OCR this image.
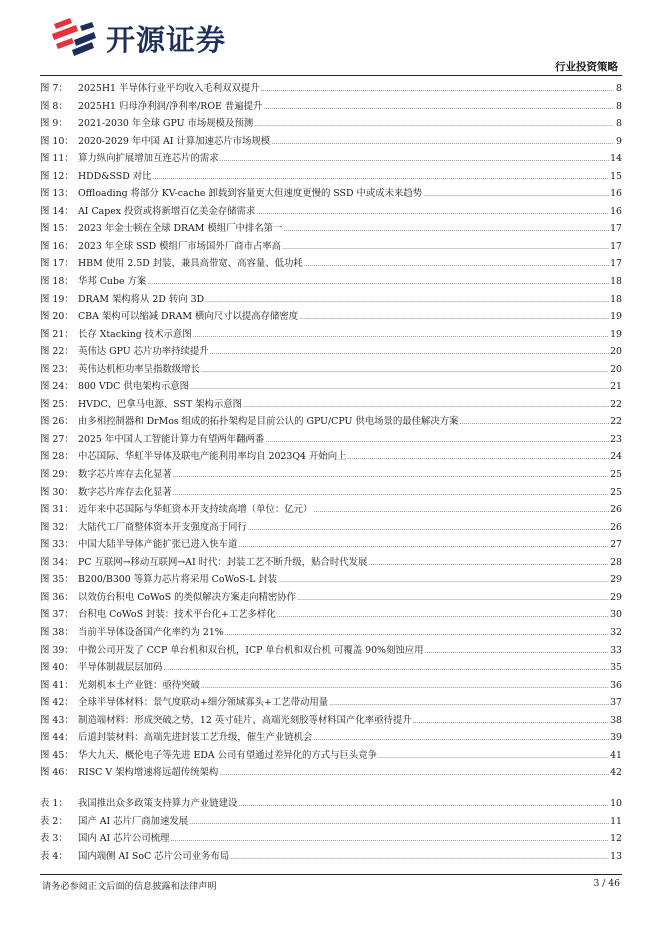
开源证券
行业投资策略
图 7：	2025H1 半导体行业平均收入毛利双双提升 ……………………………………………………………………………………………………………………………………………………………………………………………………………………………………………………	8
图 8：	2025H1 归母净利润/净利率/ROE 普遍提升 ……………………………………………………………………………………………………………………………………………………………………………………………………………………………………………………	8
图 9：	2021-2030 年全球 GPU 市场规模及预测 ……………………………………………………………………………………………………………………………………………………………………………………………………………………………………………………	8
图 10： 2020-2029 年中国 AI 计算加速芯片市场规模 ……………………………………………………………………………………………………………………………………………………………………………………………………………………………………………………	9
图 11： 算力纵向扩展增加互连芯片的需求 ……………………………………………………………………………………………………………………………………………………………………………………………………………………………………………………	14
图 12： HDD&SSD 对比 ……………………………………………………………………………………………………………………………………………………………………………………………………………………………………………………	15
图 13： Offloading 将部分 KV-cache 卸载到容量更大但速度更慢的 SSD 中或成未来趋势 ……………………………………………………………………………………………………………………………………………………………………………………………………………………………………………………	16
图 14： AI Capex 投资或将新增百亿美金存储需求 ……………………………………………………………………………………………………………………………………………………………………………………………………………………………………………………	16
图 15： 2023 年金士顿在全球 DRAM 模组厂中排名第一 ……………………………………………………………………………………………………………………………………………………………………………………………………………………………………………………	17
图 16： 2023 年全球 SSD 模组厂市场国外厂商市占率高 ……………………………………………………………………………………………………………………………………………………………………………………………………………………………………………………	17
图 17： HBM 使用 2.5D 封装，兼具高带宽、高容量、低功耗 ……………………………………………………………………………………………………………………………………………………………………………………………………………………………………………………	17
图 18： 华邦 Cube 方案 ……………………………………………………………………………………………………………………………………………………………………………………………………………………………………………………	18
图 19： DRAM 架构将从 2D 转向 3D ……………………………………………………………………………………………………………………………………………………………………………………………………………………………………………………	18
图 20： CBA 架构可以缩减 DRAM 横向尺寸以提高存储密度 ……………………………………………………………………………………………………………………………………………………………………………………………………………………………………………………	19
图 21： 长存 Xtacking 技术示意图 ……………………………………………………………………………………………………………………………………………………………………………………………………………………………………………………	19
图 22： 英伟达 GPU 芯片功率持续提升 ……………………………………………………………………………………………………………………………………………………………………………………………………………………………………………………	20
图 23： 英伟达机柜功率呈指数级增长 ……………………………………………………………………………………………………………………………………………………………………………………………………………………………………………………	20
图 24： 800 VDC 供电架构示意图 ……………………………………………………………………………………………………………………………………………………………………………………………………………………………………………………	21
图 25： HVDC、巴拿马电源、SST 架构示意图 ……………………………………………………………………………………………………………………………………………………………………………………………………………………………………………………	22
图 26： 由多相控制器和 DrMos 组成的拓扑架构是目前公认的 GPU/CPU 供电场景的最佳解决方案 ……………………………………………………………………………………………………………………………………………………………………………………………………………………………………………………	22
图 27： 2025 年中国人工智能计算力有望两年翻两番 ……………………………………………………………………………………………………………………………………………………………………………………………………………………………………………………	23
图 28： 中芯国际、华虹半导体及联电产能利用率均自 2023Q4 开始向上 ……………………………………………………………………………………………………………………………………………………………………………………………………………………………………………………	24
图 29： 数字芯片库存去化显著 ……………………………………………………………………………………………………………………………………………………………………………………………………………………………………………………	25
图 30： 数字芯片库存去化显著 ……………………………………………………………………………………………………………………………………………………………………………………………………………………………………………………	25
图 31： 近年来中芯国际与华虹资本开支持续高增（单位：亿元） ……………………………………………………………………………………………………………………………………………………………………………………………………………………………………………………	26
图 32： 大陆代工厂商整体资本开支强度高于同行 ……………………………………………………………………………………………………………………………………………………………………………………………………………………………………………………	26
图 33： 中国大陆半导体产能扩张已进入快车道 ……………………………………………………………………………………………………………………………………………………………………………………………………………………………………………………	27
图 34： PC 互联网→移动互联网→AI 时代：封装工艺不断升级，贴合时代发展 ……………………………………………………………………………………………………………………………………………………………………………………………………………………………………………………	28
图 35： B200/B300 等算力芯片将采用 CoWoS-L 封装 ……………………………………………………………………………………………………………………………………………………………………………………………………………………………………………………	29
图 36： 以效仿台积电 CoWoS 的类似解决方案走向精密协作 ……………………………………………………………………………………………………………………………………………………………………………………………………………………………………………………	29
图 37： 台积电 CoWoS 封装：技术平台化+工艺多样化 ……………………………………………………………………………………………………………………………………………………………………………………………………………………………………………………	30
图 38： 当前半导体设备国产化率约为 21% ……………………………………………………………………………………………………………………………………………………………………………………………………………………………………………………	32
图 39： 中微公司开发了 CCP 单台机和双台机，ICP 单台机和双台机 可覆盖 90%刻蚀应用 ……………………………………………………………………………………………………………………………………………………………………………………………………………………………………………………	33
图 40： 半导体制裁层层加码 ……………………………………………………………………………………………………………………………………………………………………………………………………………………………………………………	35
图 41： 光刻机本土产业链：亟待突破 ……………………………………………………………………………………………………………………………………………………………………………………………………………………………………………………	36
图 42： 全球半导体材料：景气度联动+细分领域寡头+工艺带动用量 ……………………………………………………………………………………………………………………………………………………………………………………………………………………………………………………	37
图 43： 制造端材料：形成突破之势，12 英寸硅片、高端光刻胶等材料国产化率亟待提升 ……………………………………………………………………………………………………………………………………………………………………………………………………………………………………………………	38
图 44： 后道封装材料：高端先进封装工艺升级，催生产业链机会 ……………………………………………………………………………………………………………………………………………………………………………………………………………………………………………………	39
图 45： 华大九天、概伦电子等先进 EDA 公司有望通过差异化的方式与巨头竞争 ……………………………………………………………………………………………………………………………………………………………………………………………………………………………………………………	41
图 46： RISC V 架构增速将远超传统架构 ……………………………………………………………………………………………………………………………………………………………………………………………………………………………………………………	42
表 1：	我国推出众多政策支持算力产业链建设 ……………………………………………………………………………………………………………………………………………………………………………………………………………………………………………………	10
表 2：	国产 AI 芯片厂商加速发展 ……………………………………………………………………………………………………………………………………………………………………………………………………………………………………………………	11
表 3：	国内 AI 芯片公司梳理 ……………………………………………………………………………………………………………………………………………………………………………………………………………………………………………………	12
表 4：	国内端侧 AI SoC 芯片公司业务布局 ……………………………………………………………………………………………………………………………………………………………………………………………………………………………………………………	13
请务必参阅正文后面的信息披露和法律声明	3 / 46
